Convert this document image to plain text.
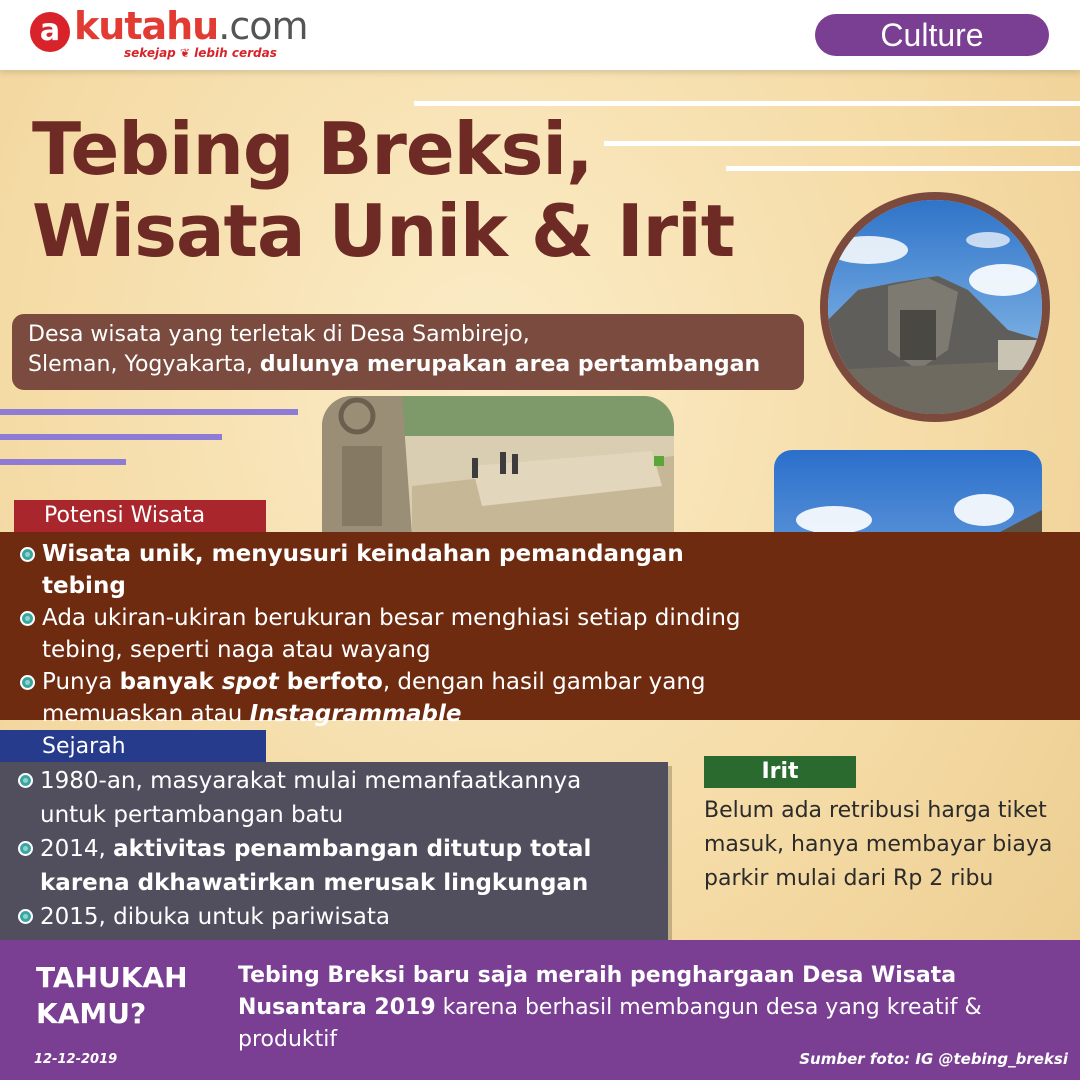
a kutahu.com
sekejap ❦ lebih cerdas	Culture
Tebing Breksi,
Wisata Unik & Irit
Desa wisata yang terletak di Desa Sambirejo,
Sleman, Yogyakarta, dulunya merupakan area pertambangan
Potensi Wisata
Wisata unik, menyusuri keindahan pemandangan tebing
Ada ukiran-ukiran berukuran besar menghiasi setiap dinding tebing, seperti naga atau wayang
Punya banyak spot berfoto, dengan hasil gambar yang memuaskan atau Instagrammable
Sejarah
1980-an, masyarakat mulai memanfaatkannya untuk pertambangan batu
2014, aktivitas penambangan ditutup total karena dkhawatirkan merusak lingkungan
2015, dibuka untuk pariwisata
Irit
Belum ada retribusi harga tiket masuk, hanya membayar biaya parkir mulai dari Rp 2 ribu
TAHUKAH KAMU?
Tebing Breksi baru saja meraih penghargaan Desa Wisata Nusantara 2019 karena berhasil membangun desa yang kreatif & produktif
12-12-2019	Sumber foto: IG @tebing_breksi
